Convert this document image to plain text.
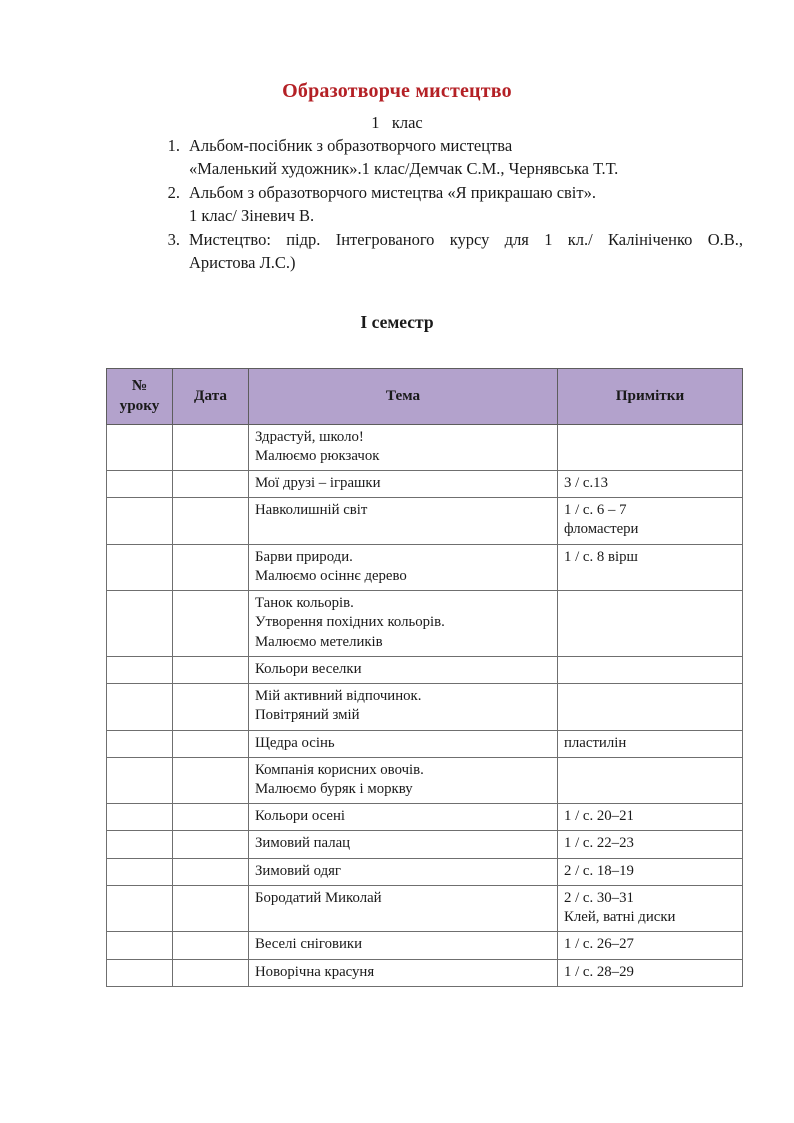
Образотворче мистецтво
1   клас
1. Альбом-посібник з образотворчого мистецтва
«Маленький художник».1 клас/Демчак С.М., Чернявська Т.Т.
2. Альбом з образотворчого мистецтва «Я прикрашаю світ».
1 клас/ Зіневич В.
3. Мистецтво: підр. Інтегрованого курсу для 1 кл./ Калініченко О.В.,
Аристова Л.С.)
І семестр
№
уроку	Дата	Тема	Примітки

		Здрастуй, школо!
Малюємо рюкзачок	

		Мої друзі – іграшки	3 / с.13

		Навколишній світ	1 / с. 6 – 7
фломастери

		Барви природи.
Малюємо осіннє дерево	1 / с. 8 вірш

		Танок кольорів.
Утворення похідних кольорів.
Малюємо метеликів	

		Кольори веселки	

		Мій активний відпочинок.
Повітряний змій	

		Щедра осінь	пластилін

		Компанія корисних овочів.
Малюємо буряк і моркву	

		Кольори осені	1 / с. 20–21

		Зимовий палац	1 / с. 22–23

		Зимовий одяг	2 / с. 18–19

		Бородатий Миколай	2 / с. 30–31
Клей, ватні диски

		Веселі сніговики	1 / с. 26–27

		Новорічна красуня	1 / с. 28–29
